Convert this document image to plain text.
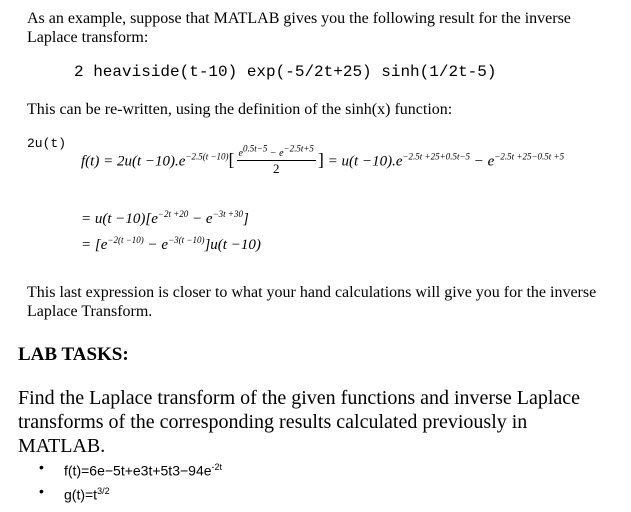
As an example, suppose that MATLAB gives you the following result for the inverse Laplace transform:

2 heaviside(t-10) exp(-5/2t+25) sinh(1/2t-5)

This can be re-written, using the definition of the sinh(x) function:

2u(t)

$f(t) = 2u(t -10).e^{-2.5(t -10)}[ \frac{e^{0.5t-5} - e^{-2.5t+5}}{2}$ ] = $u(t -10).e^{-2.5t +25+0.5t-5} - e^{-2.5t +25-0.5t +5}$
= $u(t -10)[e^{-2t +20} - e^{-3t +30}]$
= $[e^{-2(t -10)} - e^{-3(t -10)}]u(t -10)$

This last expression is closer to what your hand calculations will give you for the inverse Laplace Transform.

LAB TASKS:

Find the Laplace transform of the given functions and inverse Laplace transforms of the corresponding results calculated previously in MATLAB.

• $f(t)=6e-5t+e3t+5t3-94e^{-2t}$
• $g(t)=t^{3/2}$
